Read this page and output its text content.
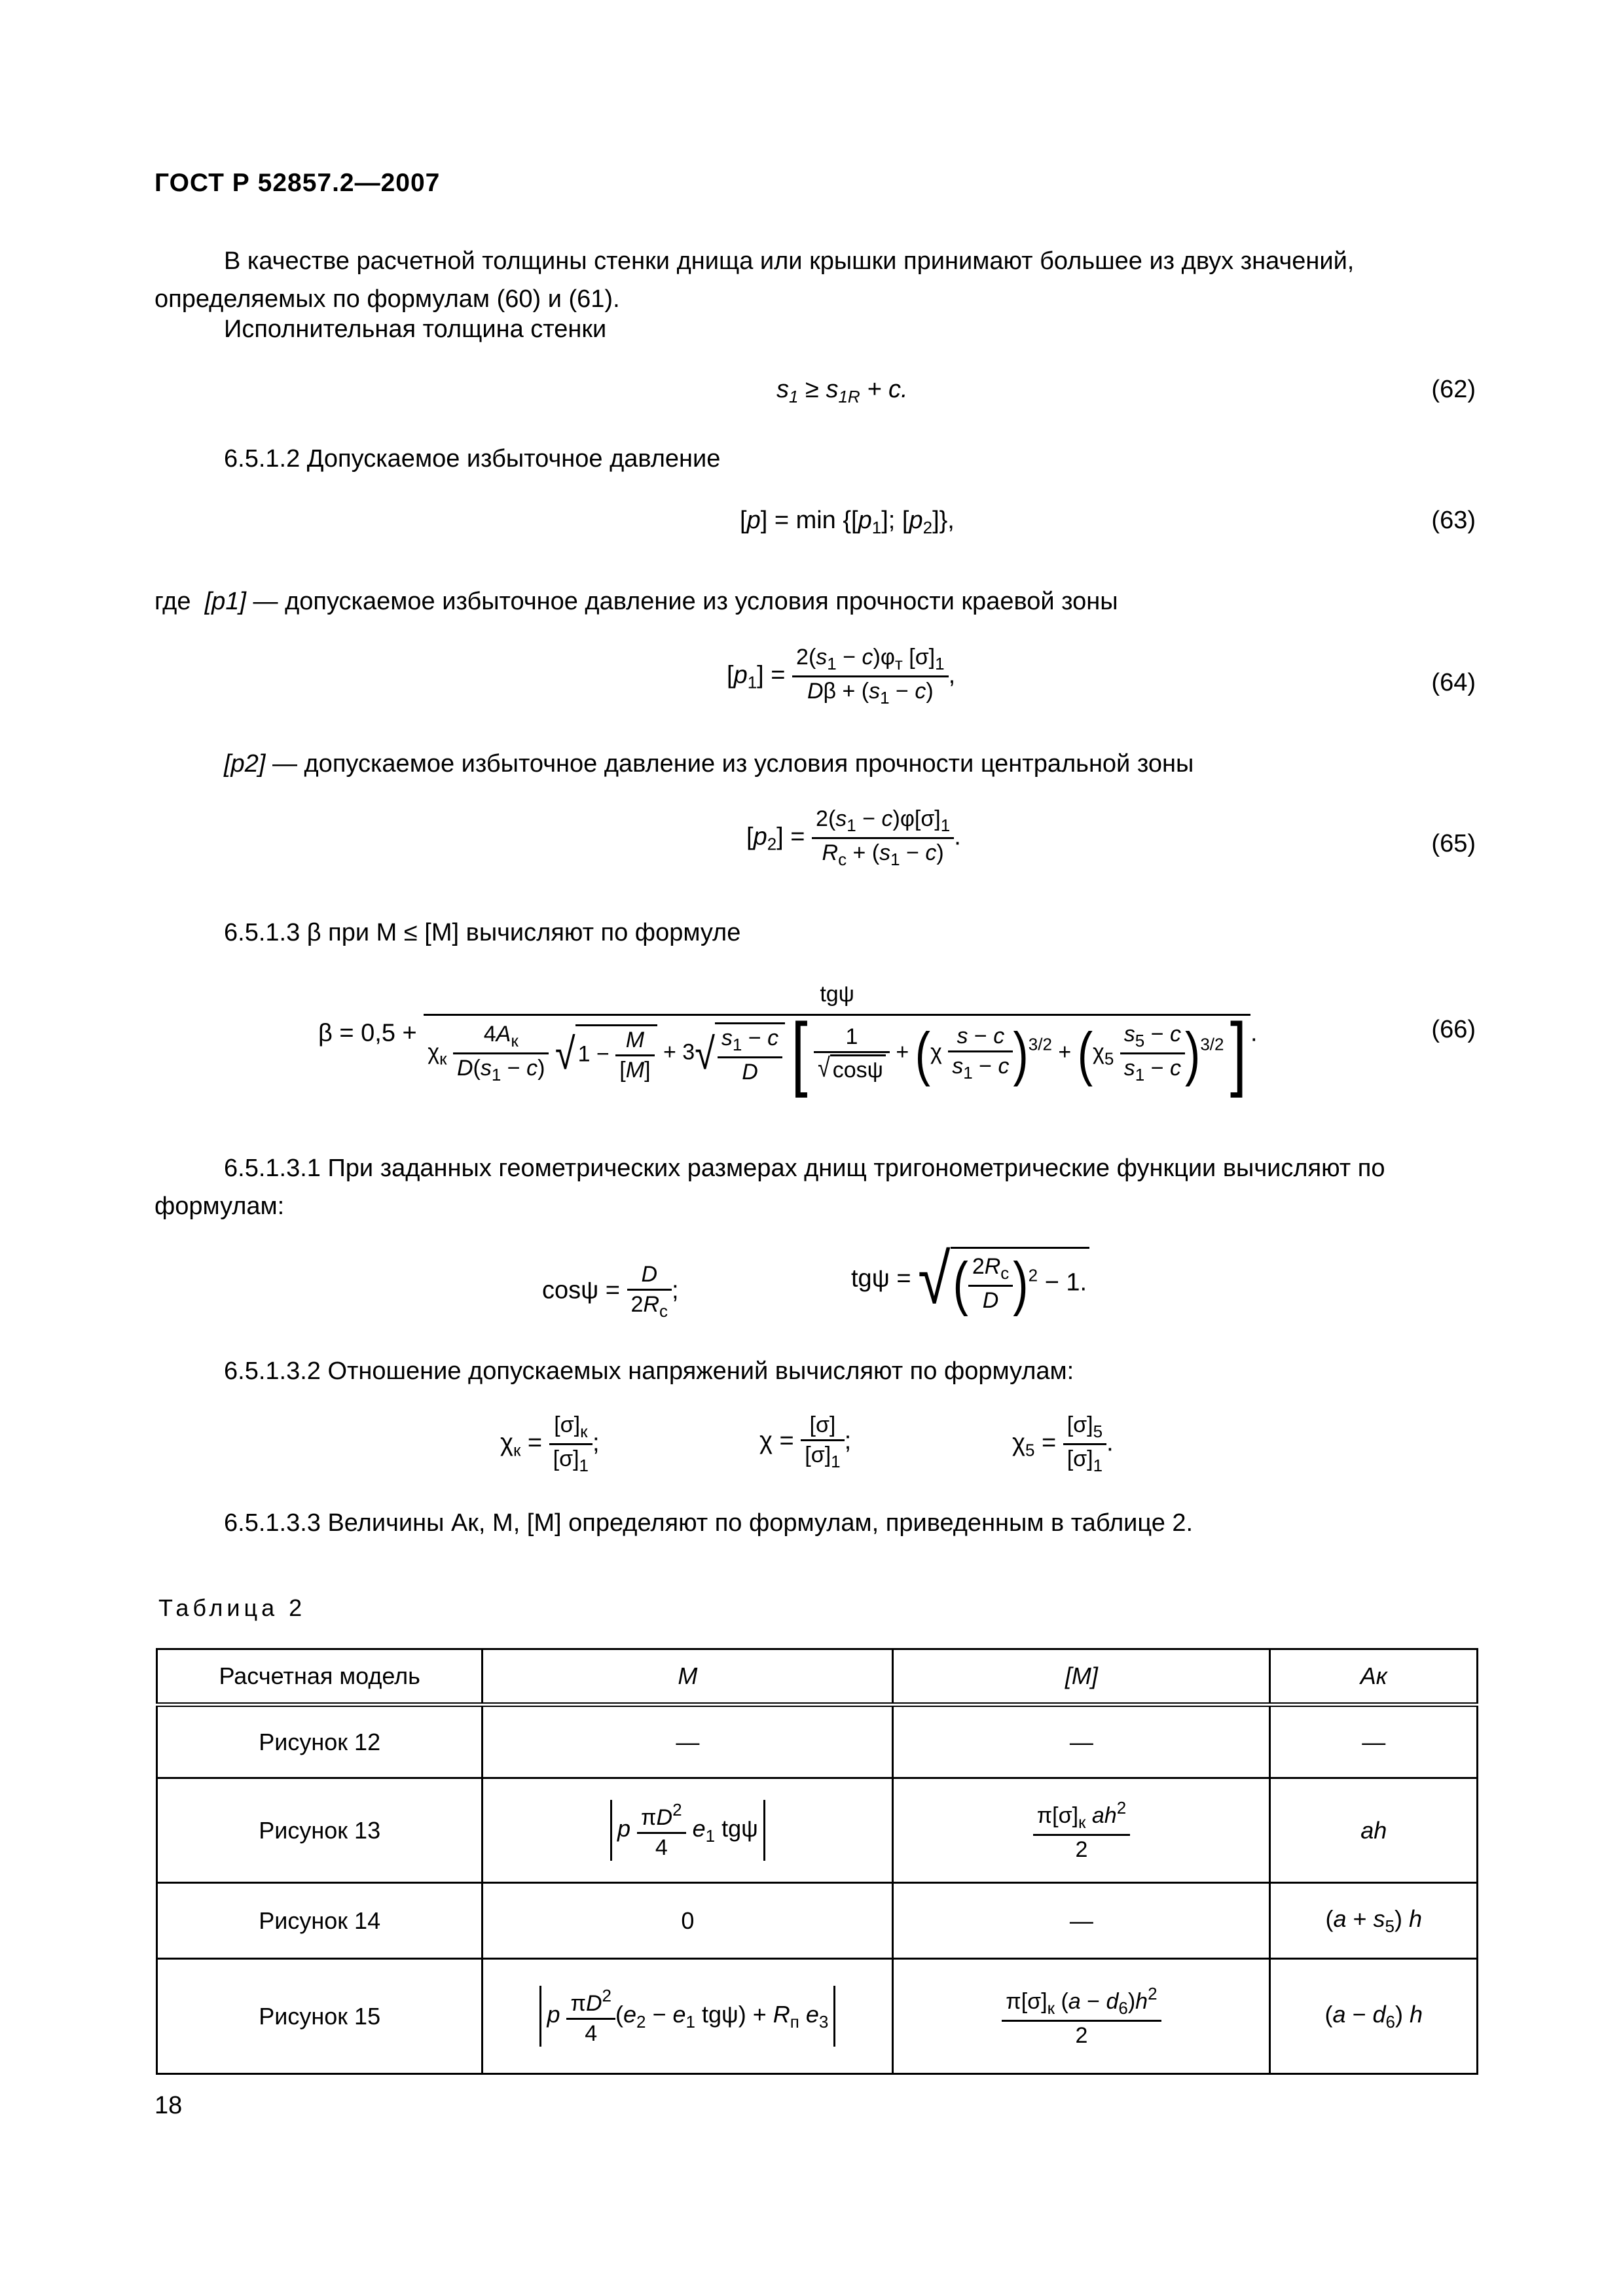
ГОСТ Р 52857.2—2007
В качестве расчетной толщины стенки днища или крышки принимают большее из двух значений, определяемых по формулам (60) и (61).
Исполнительная толщина стенки
$s_1 \ge s_{1R} + c$.	(62)
6.5.1.2 Допускаемое избыточное давление
$[p] = \min \{[p_1]$; $[p_2]$},	(63)
где [p1] — допускаемое избыточное давление из условия прочности краевой зоны
$[p_1] = \frac{2(s_1 - c)\varphi_т [\sigma]_1}{D\beta + (s_1 - c)}$ ,	(64)
[p2] — допускаемое избыточное давление из условия прочности центральной зоны
$[p_2] = \frac{2(s_1 - c)\varphi[\sigma]_1}{R_с + (s_1 - c)}$ .	(65)
6.5.1.3 β при M ≤ [M] вычисляют по формуле
β = 0,5 +
tgψ
$\chi_к \frac{4A_к}{D(s_1 - c)}$ √ $1 - \frac{M}{[M]} + 3√ \frac{s_1 - c}{D}$ [ $\frac{1}{√ \cos\psi} + (\chi \frac{s - c}{s_1 - c} )^{3/2} + (\chi_5 \frac{s_5 - c}{s_1 - c} )^{3/2}$ ] .	(66)
6.5.1.3.1 При заданных геометрических размерах днищ тригонометрические функции вычисляют по формулам:
$\cos\psi = \frac{D}{2R_с}$ ;	tgψ = √( $\frac{2R_с}{D} )^2 - 1$.
6.5.1.3.2 Отношение допускаемых напряжений вычисляют по формулам:
$\chi_к = \frac{[\sigma]_к}{[\sigma]_1}$ ;	$\chi = \frac{[\sigma]}{[\sigma]_1}$ ;	$\chi_5 = \frac{[\sigma]_5}{[\sigma]_1}$ .
6.5.1.3.3 Величины Aк, M, [M] определяют по формулам, приведенным в таблице 2.
Таблица 2
Расчетная модель	M	[M]	Aк
Рисунок 12	—	—	—
Рисунок 13	p $\frac{\pi D^2}{4} e_1$ tgψ	$\frac{\pi[\sigma]_к ah^2}{2}$	ah
Рисунок 14	0	—	$(a + s_5)$ h
Рисунок 15	p $\frac{\pi D^2}{4} (e_2 - e_1$ $tg\psi) + R_п$ $e_3$	$\frac{\pi[\sigma]_к (a - d_6)h^2}{2}$	$(a - d_6)$ h
18
